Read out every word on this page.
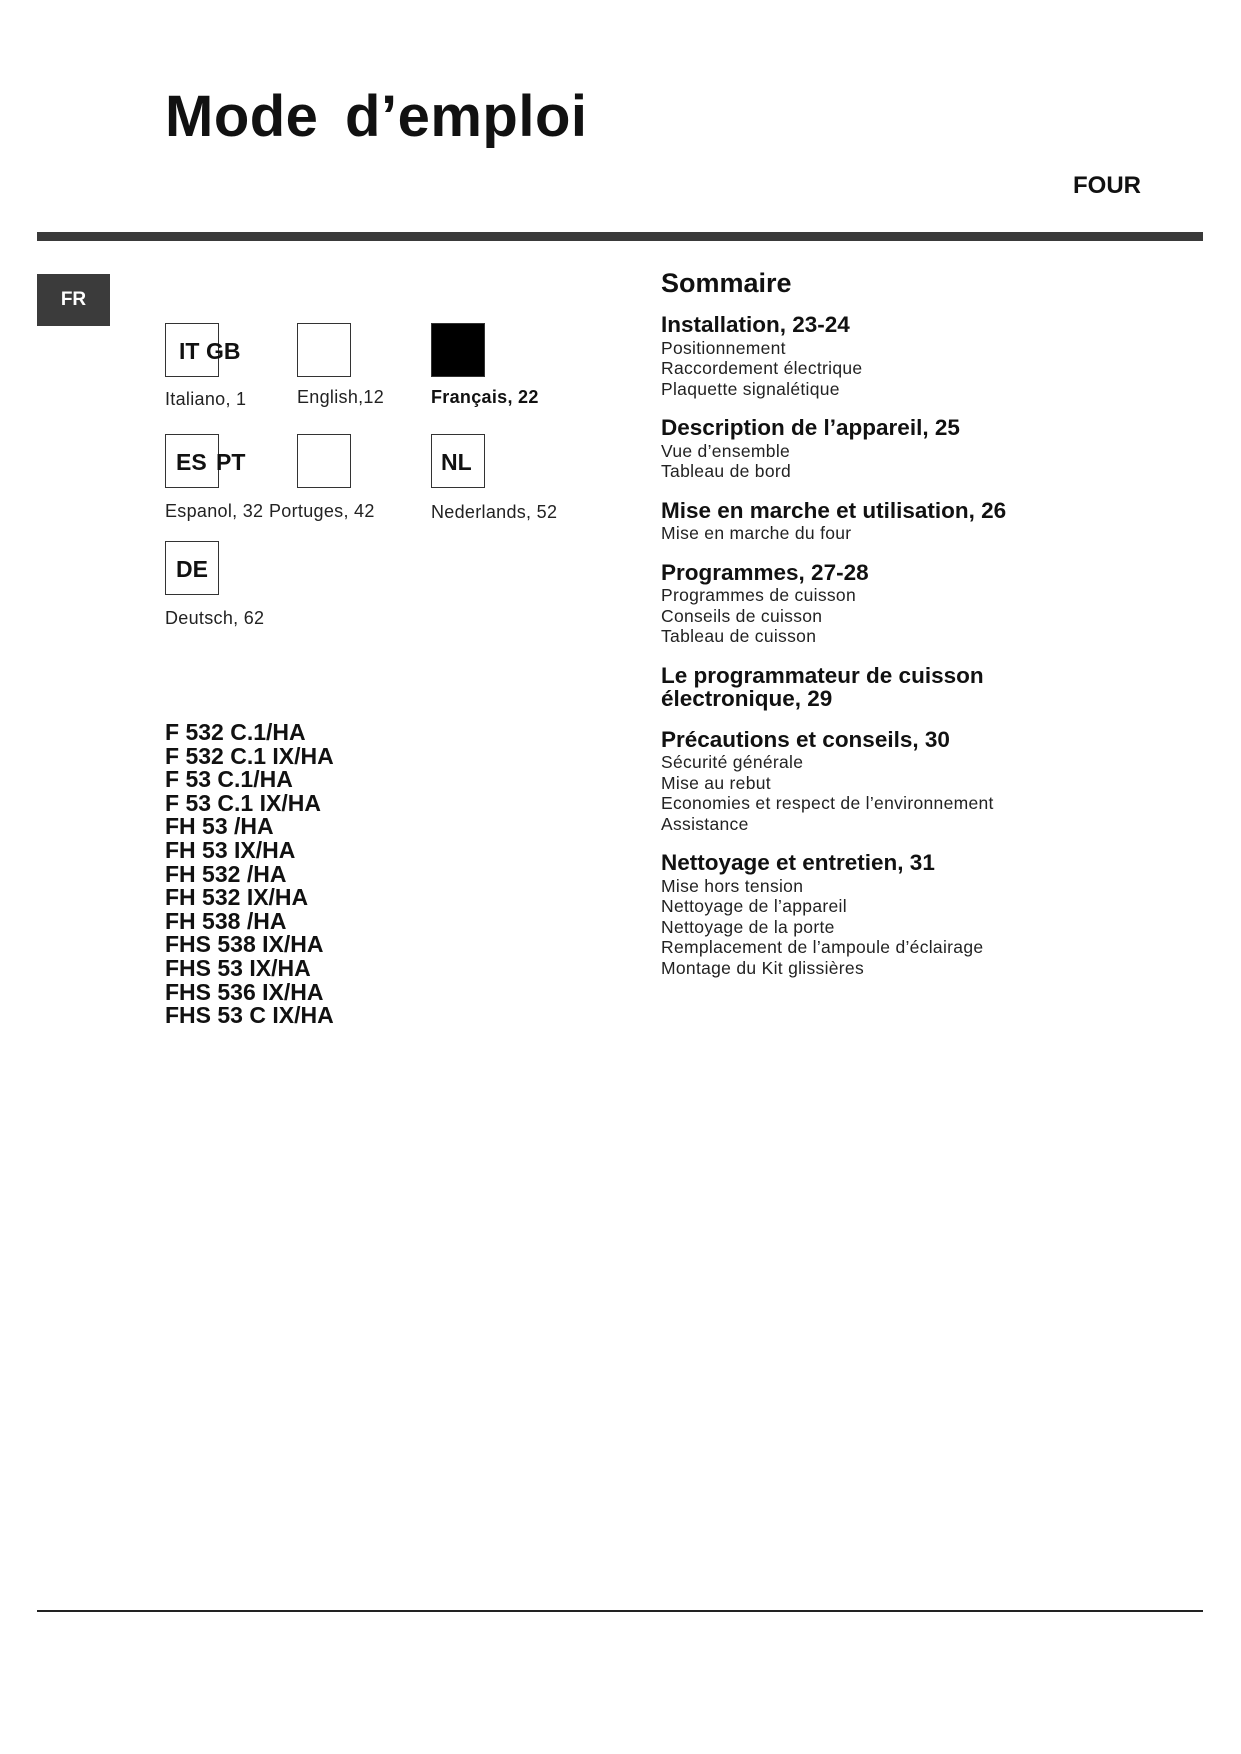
Mode d’emploi
FOUR
FR
IT GB
Italiano, 1	English,12	Français, 22
ES PT	NL
Espanol, 32 Portuges, 42	Nederlands, 52
DE
Deutsch, 62
F 532 C.1/HA
F 532 C.1 IX/HA
F 53 C.1/HA
F 53 C.1 IX/HA
FH 53 /HA
FH 53 IX/HA
FH 532 /HA
FH 532 IX/HA
FH 538 /HA
FHS 538 IX/HA
FHS 53 IX/HA
FHS 536 IX/HA
FHS 53 C IX/HA
Sommaire
Installation, 23-24
Positionnement
Raccordement électrique
Plaquette signalétique
Description de l’appareil, 25
Vue d’ensemble
Tableau de bord
Mise en marche et utilisation, 26
Mise en marche du four
Programmes, 27-28
Programmes de cuisson
Conseils de cuisson
Tableau de cuisson
Le programmateur de cuisson
électronique, 29
Précautions et conseils, 30
Sécurité générale
Mise au rebut
Economies et respect de l’environnement
Assistance
Nettoyage et entretien, 31
Mise hors tension
Nettoyage de l’appareil
Nettoyage de la porte
Remplacement de l’ampoule d’éclairage
Montage du Kit glissières
